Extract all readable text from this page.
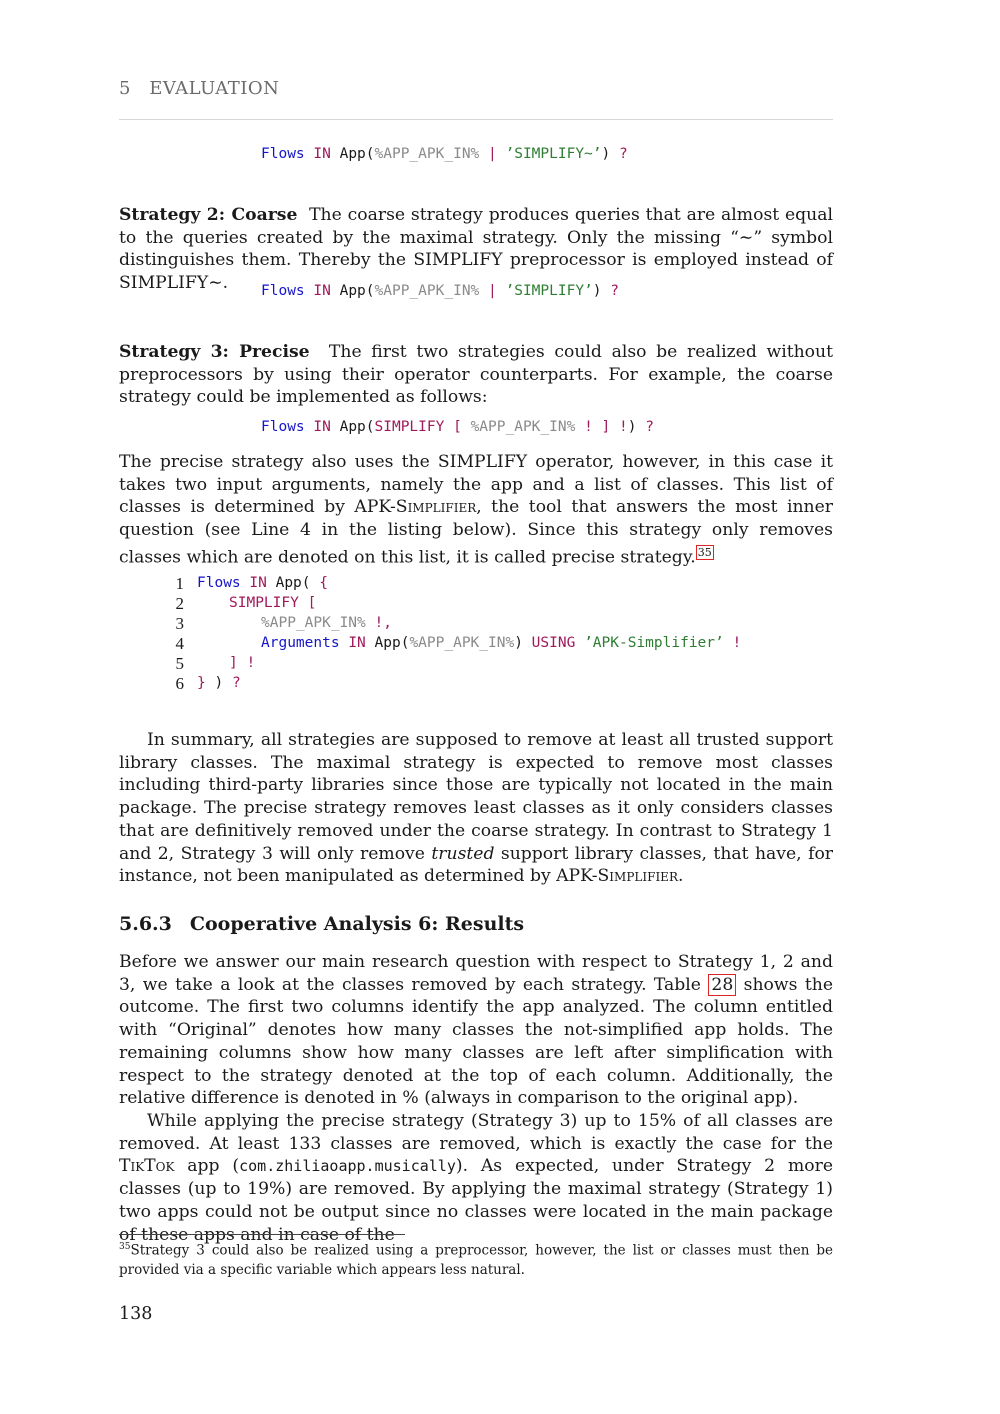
5 EVALUATION
Flows IN App(%APP_APK_IN% | ’SIMPLIFY~’) ?
Strategy 2: Coarse The coarse strategy produces queries that are almost equal to the queries created by the maximal strategy. Only the missing “∼” symbol distinguishes them. Thereby the SIMPLIFY preprocessor is employed instead of SIMPLIFY∼.	Flows IN App(%APP_APK_IN% | ’SIMPLIFY’) ?
Strategy 3: Precise The first two strategies could also be realized without preprocessors by using their operator counterparts. For example, the coarse strategy could be implemented as follows:
Flows IN App(SIMPLIFY [ %APP_APK_IN% ! ] !) ?
The precise strategy also uses the SIMPLIFY operator, however, in this case it takes two input arguments, namely the app and a list of classes. This list of classes is determined by APK-Simplifier, the tool that answers the most inner question (see Line 4 in the listing below). Since this strategy only removes classes which are denoted on this list, it is called precise strategy. $^{35}$
1
2
3
4
5
6
Flows IN App( {
SIMPLIFY [
%APP_APK_IN% !,
Arguments IN App(%APP_APK_IN%) USING ’APK-Simplifier’ !
] !
} ) ?
In summary, all strategies are supposed to remove at least all trusted support library classes. The maximal strategy is expected to remove most classes including third-party libraries since those are typically not located in the main package. The precise strategy removes least classes as it only considers classes that are definitively removed under the coarse strategy. In contrast to Strategy 1 and 2, Strategy 3 will only remove trusted support library classes, that have, for instance, not been manipulated as determined by APK-Simplifier.
5.6.3 Cooperative Analysis 6: Results
Before we answer our main research question with respect to Strategy 1, 2 and 3, we take a look at the classes removed by each strategy. Table 28 shows the outcome. The first two columns identify the app analyzed. The column entitled with “Original” denotes how many classes the not-simplified app holds. The remaining columns show how many classes are left after simplification with respect to the strategy denoted at the top of each column. Additionally, the relative difference is denoted in % (always in comparison to the original app).
While applying the precise strategy (Strategy 3) up to 15% of all classes are removed. At least 133 classes are removed, which is exactly the case for the TikTok app (com.zhiliaoapp.musically). As expected, under Strategy 2 more classes (up to 19%) are removed. By applying the maximal strategy (Strategy 1) two apps could not be output since no classes were located in the main package of these apps and in case of the
$^{35}$Strategy 3 could also be realized using a preprocessor, however, the list or classes must then be provided via a specific variable which appears less natural.
138
